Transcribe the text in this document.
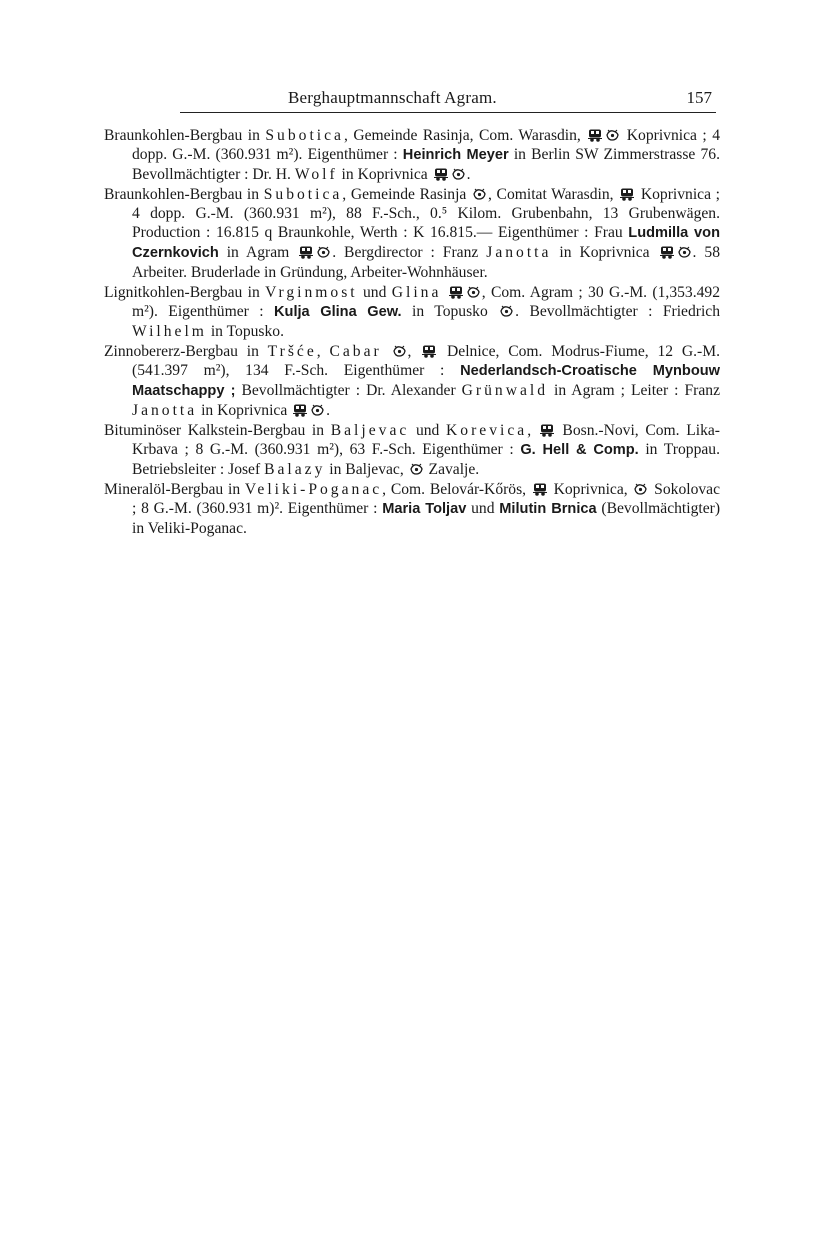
Berghauptmannschaft Agram.	157

Braunkohlen-Bergbau in Subotica, Gemeinde Rasinja, Com. Warasdin,  Koprivnica ; 4 dopp. G.-M. (360.931 m²). Eigenthümer : Heinrich Meyer in Berlin SW Zimmerstrasse 76. Bevollmächtigter : Dr. H. Wolf in Koprivnica .

Braunkohlen-Bergbau in Subotica, Gemeinde Rasinja , Comitat Warasdin,  Koprivnica ; 4 dopp. G.-M. (360.931 m²), 88 F.-Sch., 0.⁵ Kilom. Grubenbahn, 13 Grubenwägen. Production : 16.815 q Braunkohle, Werth : K 16.815.— Eigenthümer : Frau Ludmilla von Czernkovich in Agram . Bergdirector : Franz Janotta in Koprivnica . 58 Arbeiter. Bruderlade in Gründung, Arbeiter-Wohnhäuser.

Lignitkohlen-Bergbau in Vrginmost und Glina	, Com. Agram ; 30 G.-M. (1,353.492 m²). Eigenthümer : Kulja Glina Gew. in Topusko . Bevollmächtigter : Friedrich Wilhelm in Topusko.

Zinnobererz-Bergbau in Tršće, Cabar ,  Delnice, Com. Modrus-Fiume, 12 G.-M. (541.397 m²), 134 F.-Sch. Eigenthümer : Nederlandsch-Croatische Mynbouw Maatschappy ; Bevollmächtigter : Dr. Alexander Grünwald in Agram ; Leiter : Franz Janotta in Koprivnica .

Bituminöser Kalkstein-Bergbau in Baljevac und Korevica,  Bosn.-Novi, Com. Lika-Krbava ; 8 G.-M. (360.931 m²), 63 F.-Sch. Eigenthümer : G. Hell & Comp. in Troppau. Betriebsleiter : Josef Balazy in Baljevac,  Zavalje.

Mineralöl-Bergbau in Veliki-Poganac, Com. Belovár-Kőrös,  Koprivnica,  Sokolovac ; 8 G.-M. (360.931 m)². Eigenthümer : Maria Toljav und Milutin Brnica (Bevollmächtigter) in Veliki-Poganac.
